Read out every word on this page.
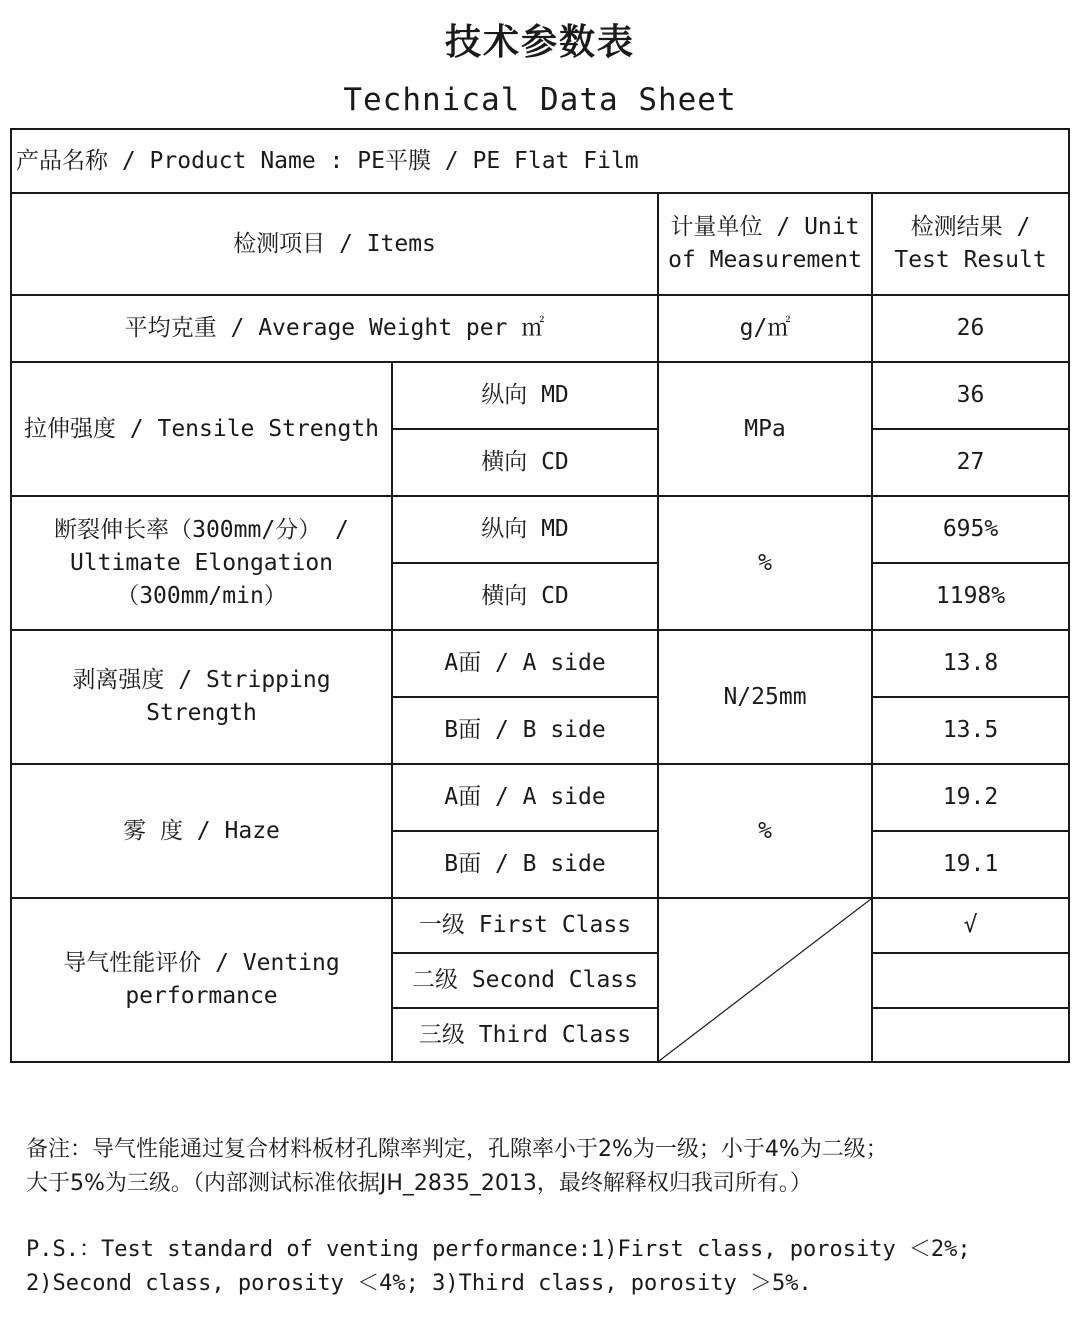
技术参数表
Technical Data Sheet
产品名称 / Product Name : PE平膜 / PE Flat Film			
检测项目 / Items		计量单位 / Unit of Measurement	检测结果 / Test Result
平均克重 / Average Weight per ㎡		g/㎡	26
拉伸强度 / Tensile Strength	纵向 MD	MPa	36
	横向 CD		27
断裂伸长率（300mm/分） / Ultimate Elongation （300mm/min）	纵向 MD	%	695%
	横向 CD		1198%
剥离强度 / Stripping Strength	A面 / A side	N/25mm	13.8
	B面 / B side		13.5
雾 度 / Haze	A面 / A side	%	19.2
	B面 / B side		19.1
导气性能评价 / Venting performance	一级 First Class		√
	二级 Second Class		
	三级 Third Class		
备注：导气性能通过复合材料板材孔隙率判定，孔隙率小于2%为一级；小于4%为二级；
大于5%为三级。（内部测试标准依据JH_2835_2013，最终解释权归我司所有。）
P.S.：Test standard of venting performance:1)First class, porosity ＜2%;
2)Second class, porosity ＜4%; 3)Third class, porosity ＞5%.
